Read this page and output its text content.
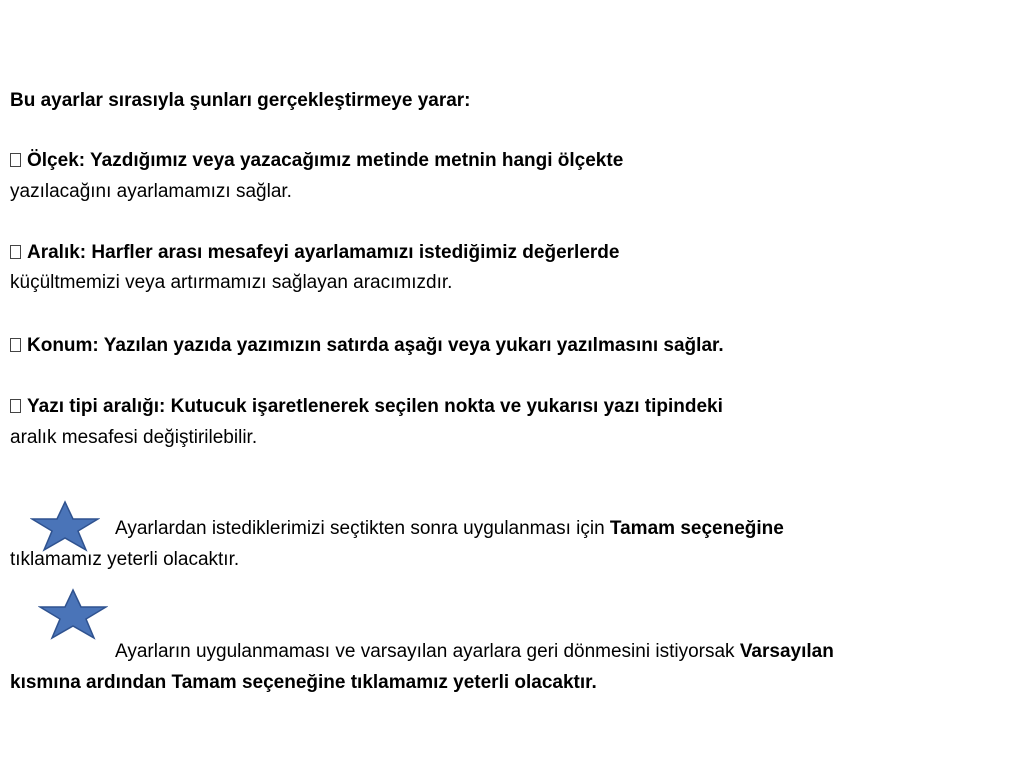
Bu ayarlar sırasıyla şunları gerçekleştirmeye yarar:
Ölçek: Yazdığımız veya yazacağımız metinde metnin hangi ölçekte
yazılacağını ayarlamamızı sağlar.
Aralık: Harfler arası mesafeyi ayarlamamızı istediğimiz değerlerde
küçültmemizi veya artırmamızı sağlayan aracımızdır.
Konum: Yazılan yazıda yazımızın satırda aşağı veya yukarı yazılmasını sağlar.
Yazı tipi aralığı: Kutucuk işaretlenerek seçilen nokta ve yukarısı yazı tipindeki
aralık mesafesi değiştirilebilir.
Ayarlardan istediklerimizi seçtikten sonra uygulanması için Tamam seçeneğine
tıklamamız yeterli olacaktır.
Ayarların uygulanmaması ve varsayılan ayarlara geri dönmesini istiyorsak Varsayılan
kısmına ardından Tamam seçeneğine tıklamamız yeterli olacaktır.
